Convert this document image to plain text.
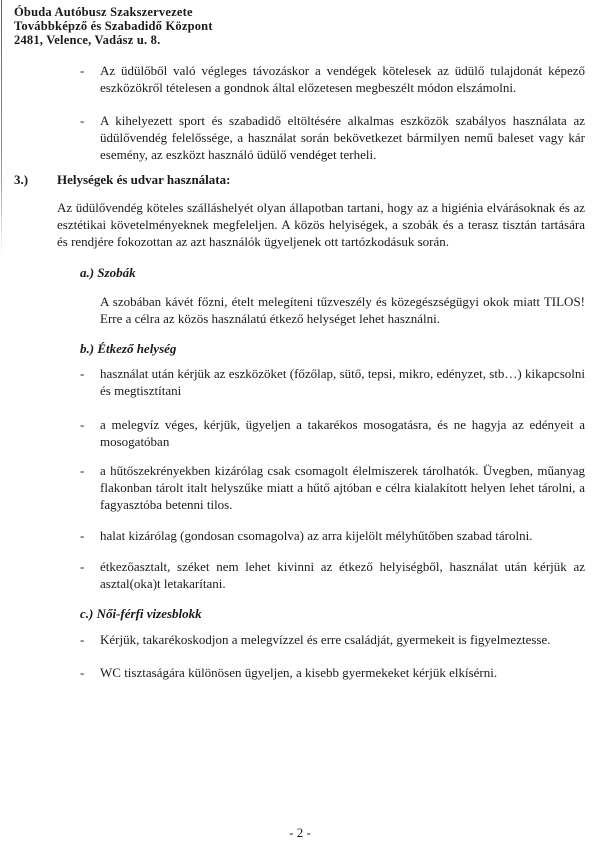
Óbuda Autóbusz Szakszervezete
Továbbképző és Szabadidő Központ
2481, Velence, Vadász u. 8.
-	Az üdülőből való végleges távozáskor a vendégek kötelesek az üdülő tulajdonát képező eszközökről tételesen a gondnok által előzetesen megbeszélt módon elszámolni.
-	A kihelyezett sport és szabadidő eltöltésére alkalmas eszközök szabályos használata az üdülővendég felelőssége, a használat során bekövetkezet bármilyen nemű baleset vagy kár esemény, az eszközt használó üdülő vendéget terheli.
3.)	Helységek és udvar használata:

Az üdülővendég köteles szálláshelyét olyan állapotban tartani, hogy az a higiénia elvárásoknak és az esztétikai követelményeknek megfeleljen. A közös helyiségek, a szobák és a terasz tisztán tartására és rendjére fokozottan az azt használók ügyeljenek ott tartózkodásuk során.

a.) Szobák

A szobában kávét főzni, ételt melegíteni tűzveszély és közegészségügyi okok miatt TILOS! Erre a célra az közös használatú étkező helységet lehet használni.

b.) Étkező helység
-	használat után kérjük az eszközöket (főzőlap, sütő, tepsi, mikro, edényzet, stb…) kikapcsolni és megtisztítani
-	a melegvíz véges, kérjük, ügyeljen a takarékos mosogatásra, és ne hagyja az edényeit a mosogatóban
-	a hűtőszekrényekben kizárólag csak csomagolt élelmiszerek tárolhatók. Üvegben, műanyag flakonban tárolt italt helyszűke miatt a hűtő ajtóban e célra kialakított helyen lehet tárolni, a fagyasztóba betenni tilos.
-	halat kizárólag (gondosan csomagolva) az arra kijelölt mélyhűtőben szabad tárolni.
-	étkezőasztalt, széket nem lehet kivinni az étkező helyiségből, használat után kérjük az asztal(oka)t letakarítani.
c.) Női-férfi vizesblokk
-	Kérjük, takarékoskodjon a melegvízzel és erre családját, gyermekeit is figyelmeztesse.
-	WC tisztaságára különösen ügyeljen, a kisebb gyermekeket kérjük elkísérni.
- 2 -
